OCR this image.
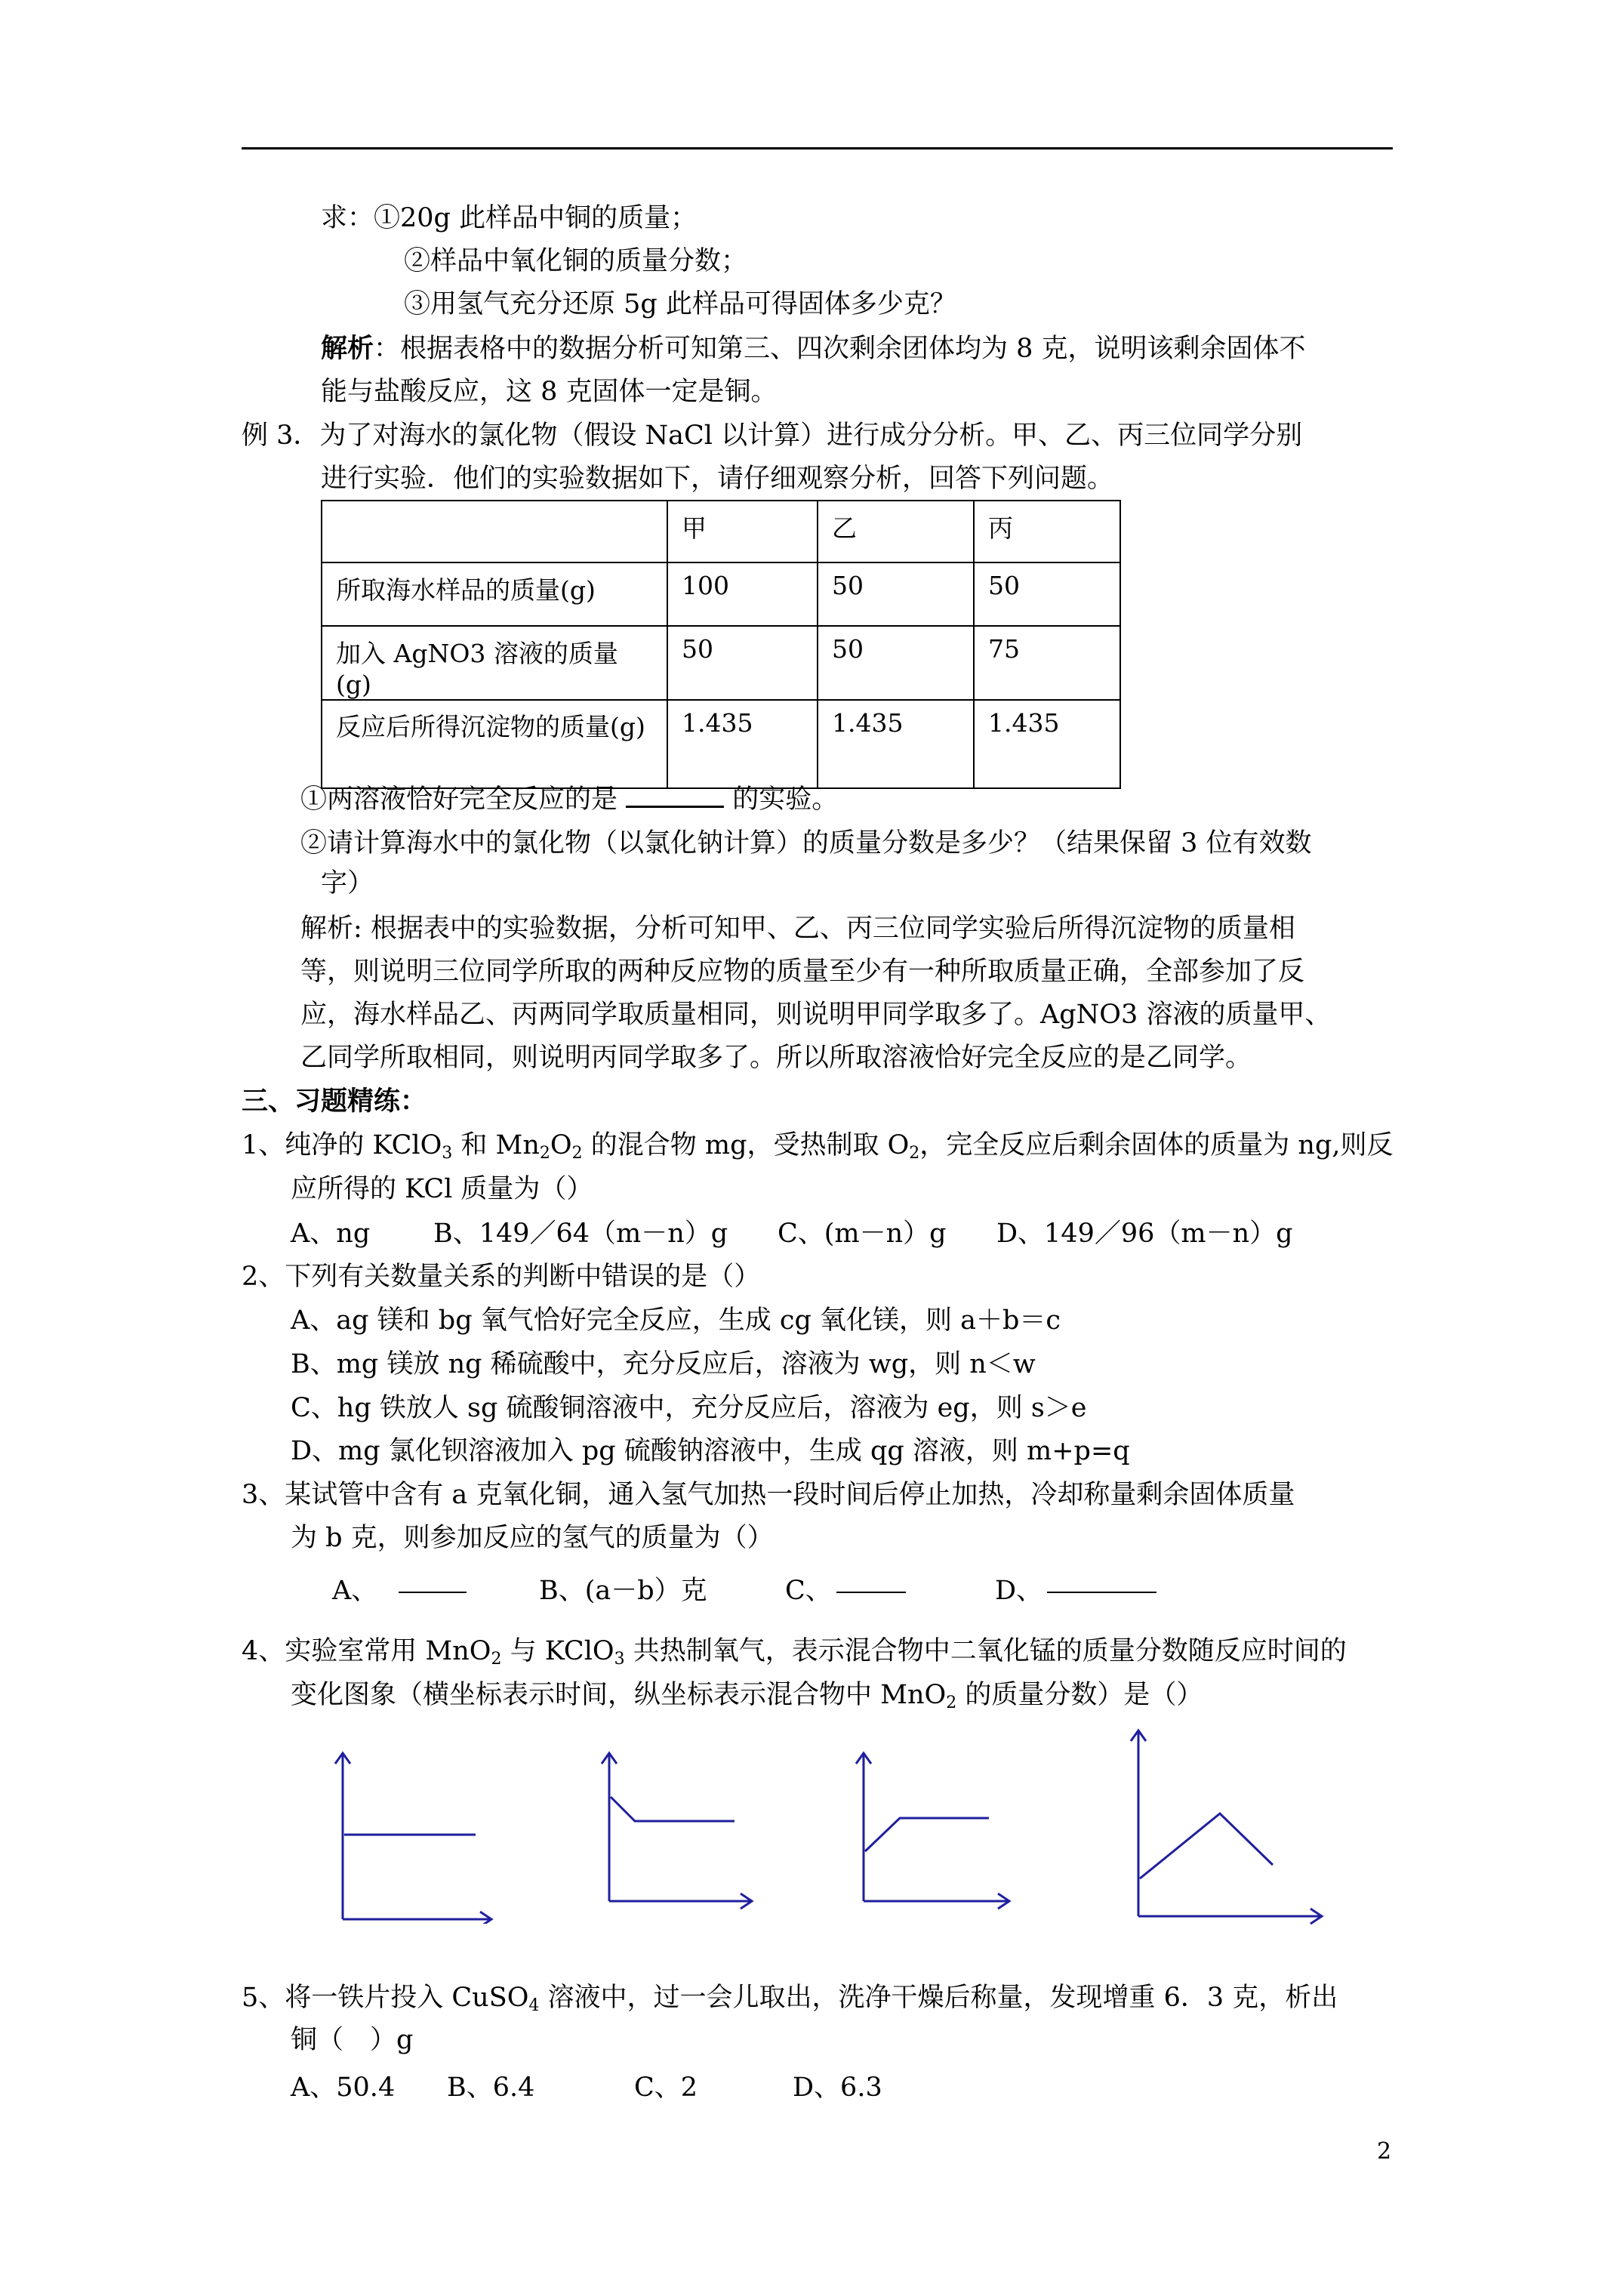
求：①20g 此样品中铜的质量；
②样品中氧化铜的质量分数；
③用氢气充分还原 5g 此样品可得固体多少克？
解析：根据表格中的数据分析可知第三、四次剩余团体均为 8 克，说明该剩余固体不
能与盐酸反应，这 8 克固体一定是铜。
例 3．为了对海水的氯化物（假设 NaCl 以计算）进行成分分析。甲、乙、丙三位同学分别
进行实验．他们的实验数据如下，请仔细观察分析，回答下列问题。
	甲	乙	丙
所取海水样品的质量(g)	100	50	50
加入 AgNO3 溶液的质量(g)	50	50	75
反应后所得沉淀物的质量(g)	1.435	1.435	1.435
①两溶液恰好完全反应的是	的实验。
②请计算海水中的氯化物（以氯化钠计算）的质量分数是多少？（结果保留 3 位有效数
字）
解析: 根据表中的实验数据，分析可知甲、乙、丙三位同学实验后所得沉淀物的质量相
等，则说明三位同学所取的两种反应物的质量至少有一种所取质量正确，全部参加了反
应，海水样品乙、丙两同学取质量相同，则说明甲同学取多了。AgNO3 溶液的质量甲、
乙同学所取相同，则说明丙同学取多了。所以所取溶液恰好完全反应的是乙同学。
三、习题精练：
1、纯净的 KClO$_3$ 和 $Mn_2O_2$ 的混合物 mg，受热制取 $O_2$，完全反应后剩余固体的质量为 ng,则反
应所得的 KCl 质量为（）
A、ng B、149／64（m－n）g C、(m－n）g D、149／96（m－n）g
2、下列有关数量关系的判断中错误的是（）
A、ag 镁和 bg 氧气恰好完全反应，生成 cg 氧化镁，则 a＋b＝c
B、mg 镁放 ng 稀硫酸中，充分反应后，溶液为 wg，则 n＜w
C、hg 铁放人 sg 硫酸铜溶液中，充分反应后，溶液为 eg，则 s＞e
D、mg 氯化钡溶液加入 pg 硫酸钠溶液中，生成 qg 溶液，则 m+p=q
3、某试管中含有 a 克氧化铜，通入氢气加热一段时间后停止加热，冷却称量剩余固体质量
为 b 克，则参加反应的氢气的质量为（）
A、	B、(a－b）克	C、	D、
4、实验室常用 MnO$_2$ 与 KClO$_3$ 共热制氧气，表示混合物中二氧化锰的质量分数随反应时间的
变化图象（横坐标表示时间，纵坐标表示混合物中 MnO$_2$ 的质量分数）是（）
5、将一铁片投入 CuSO$_4$ 溶液中，过一会儿取出，洗净干燥后称量，发现增重 6．3 克，析出
铜（　）g
A、50.4 B、6.4	C、2	D、6.3
2
